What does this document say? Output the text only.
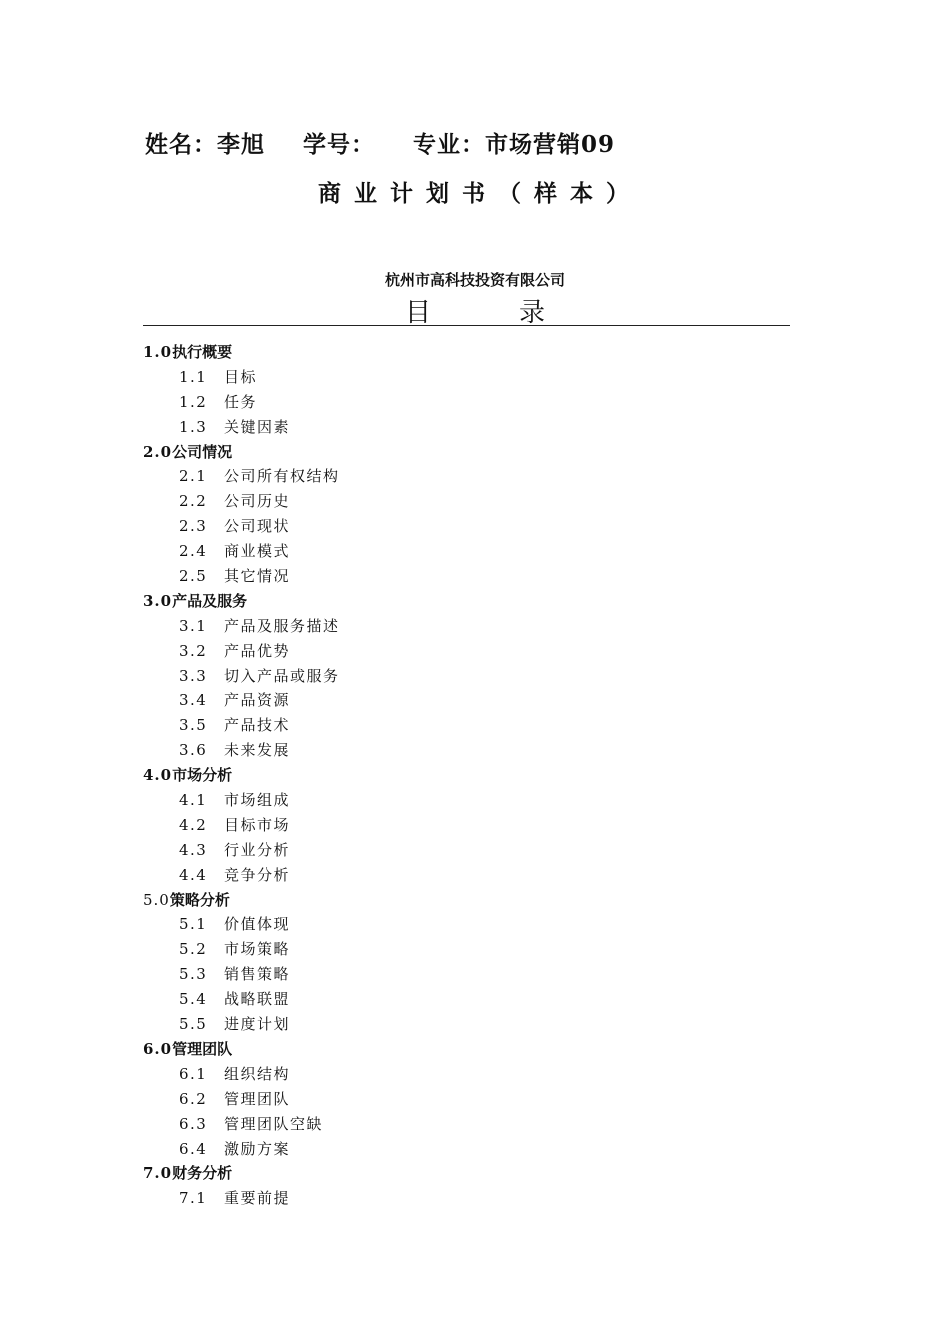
姓名：李旭 学号： 专业：市场营销09
商业计划书（样本）
杭州市高科技投资有限公司
目	录
1.0执行概要
1.1 目标
1.2 任务
1.3 关键因素
2.0公司情况
2.1 公司所有权结构
2.2 公司历史
2.3 公司现状
2.4 商业模式
2.5 其它情况
3.0产品及服务
3.1 产品及服务描述
3.2 产品优势
3.3 切入产品或服务
3.4 产品资源
3.5 产品技术
3.6 未来发展
4.0市场分析
4.1 市场组成
4.2 目标市场
4.3 行业分析
4.4 竞争分析
5.0策略分析
5.1 价值体现
5.2 市场策略
5.3 销售策略
5.4 战略联盟
5.5 进度计划
6.0管理团队
6.1 组织结构
6.2 管理团队
6.3 管理团队空缺
6.4 激励方案
7.0财务分析
7.1 重要前提
